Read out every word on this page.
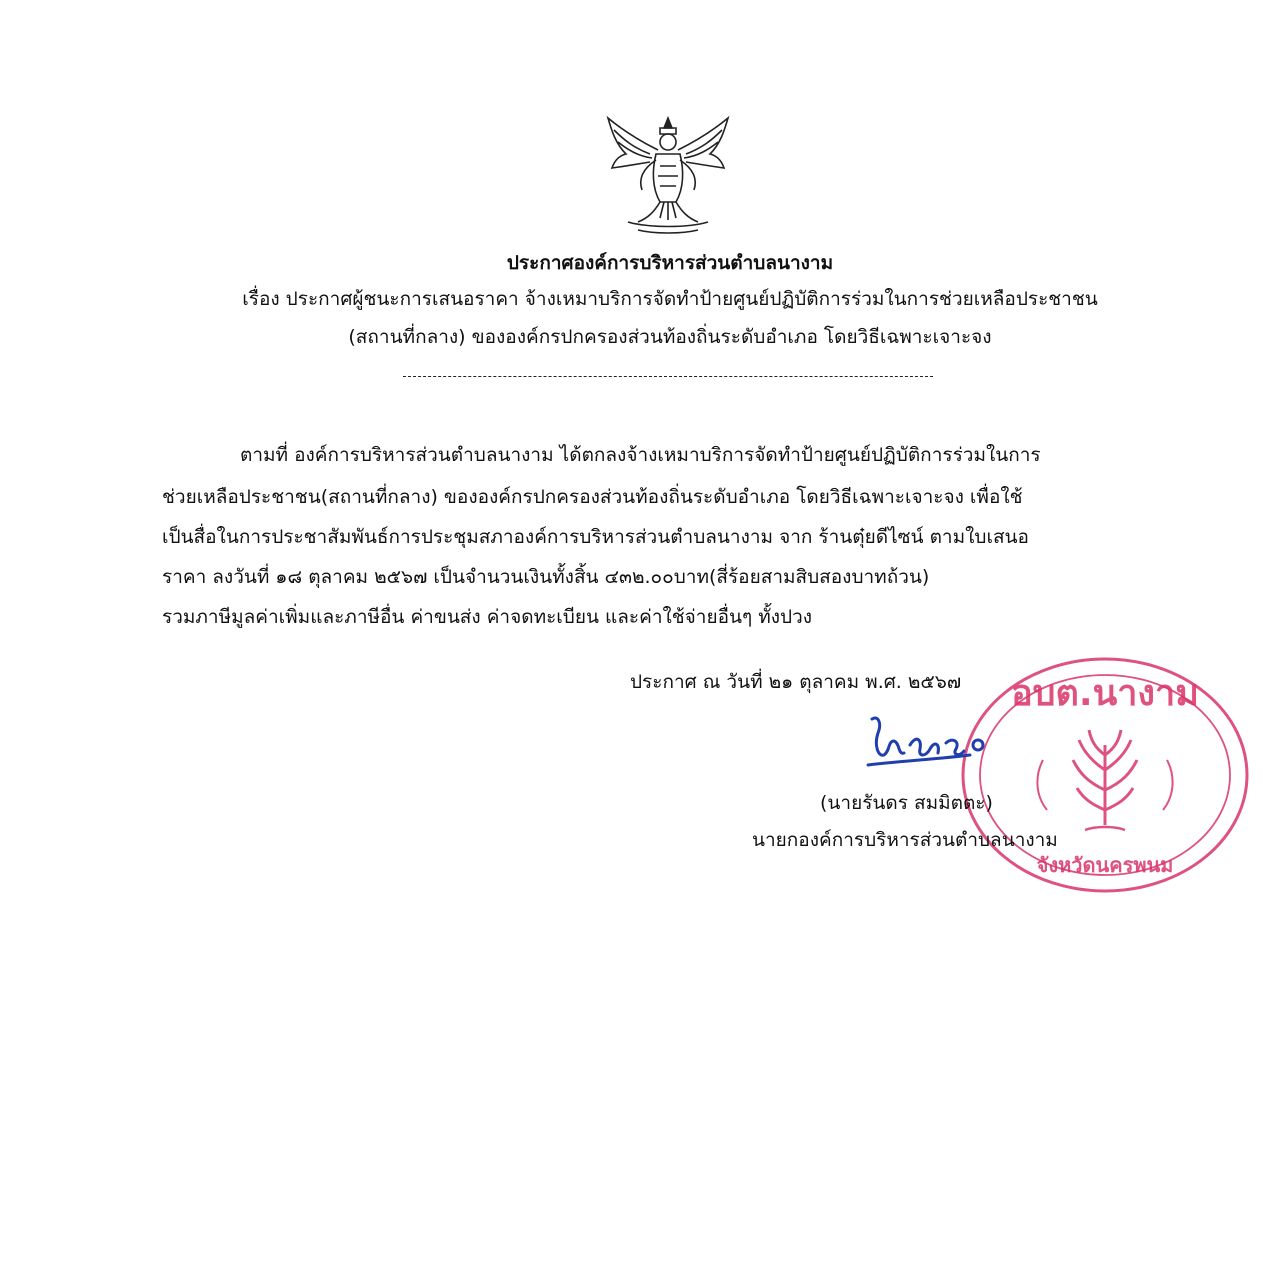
ประกาศองค์การบริหารส่วนตำบลนางาม
เรื่อง ประกาศผู้ชนะการเสนอราคา จ้างเหมาบริการจัดทำป้ายศูนย์ปฏิบัติการร่วมในการช่วยเหลือประชาชน
(สถานที่กลาง) ขององค์กรปกครองส่วนท้องถิ่นระดับอำเภอ โดยวิธีเฉพาะเจาะจง
ตามที่ องค์การบริหารส่วนตำบลนางาม ได้ตกลงจ้างเหมาบริการจัดทำป้ายศูนย์ปฏิบัติการร่วมในการ
ช่วยเหลือประชาชน(สถานที่กลาง) ขององค์กรปกครองส่วนท้องถิ่นระดับอำเภอ โดยวิธีเฉพาะเจาะจง เพื่อใช้
เป็นสื่อในการประชาสัมพันธ์การประชุมสภาองค์การบริหารส่วนตำบลนางาม จาก ร้านตุ๋ยดีไซน์ ตามใบเสนอ
ราคา ลงวันที่ ๑๘ ตุลาคม ๒๕๖๗ เป็นจำนวนเงินทั้งสิ้น ๔๓๒.๐๐บาท(สี่ร้อยสามสิบสองบาทถ้วน)
รวมภาษีมูลค่าเพิ่มและภาษีอื่น ค่าขนส่ง ค่าจดทะเบียน และค่าใช้จ่ายอื่นๆ ทั้งปวง
ประกาศ ณ วันที่ ๒๑ ตุลาคม พ.ศ. ๒๕๖๗ อบต.นางาม
จังหวัดนครพนม
(นายรันดร สมมิตตะ)
นายกองค์การบริหารส่วนตำบลนางาม
